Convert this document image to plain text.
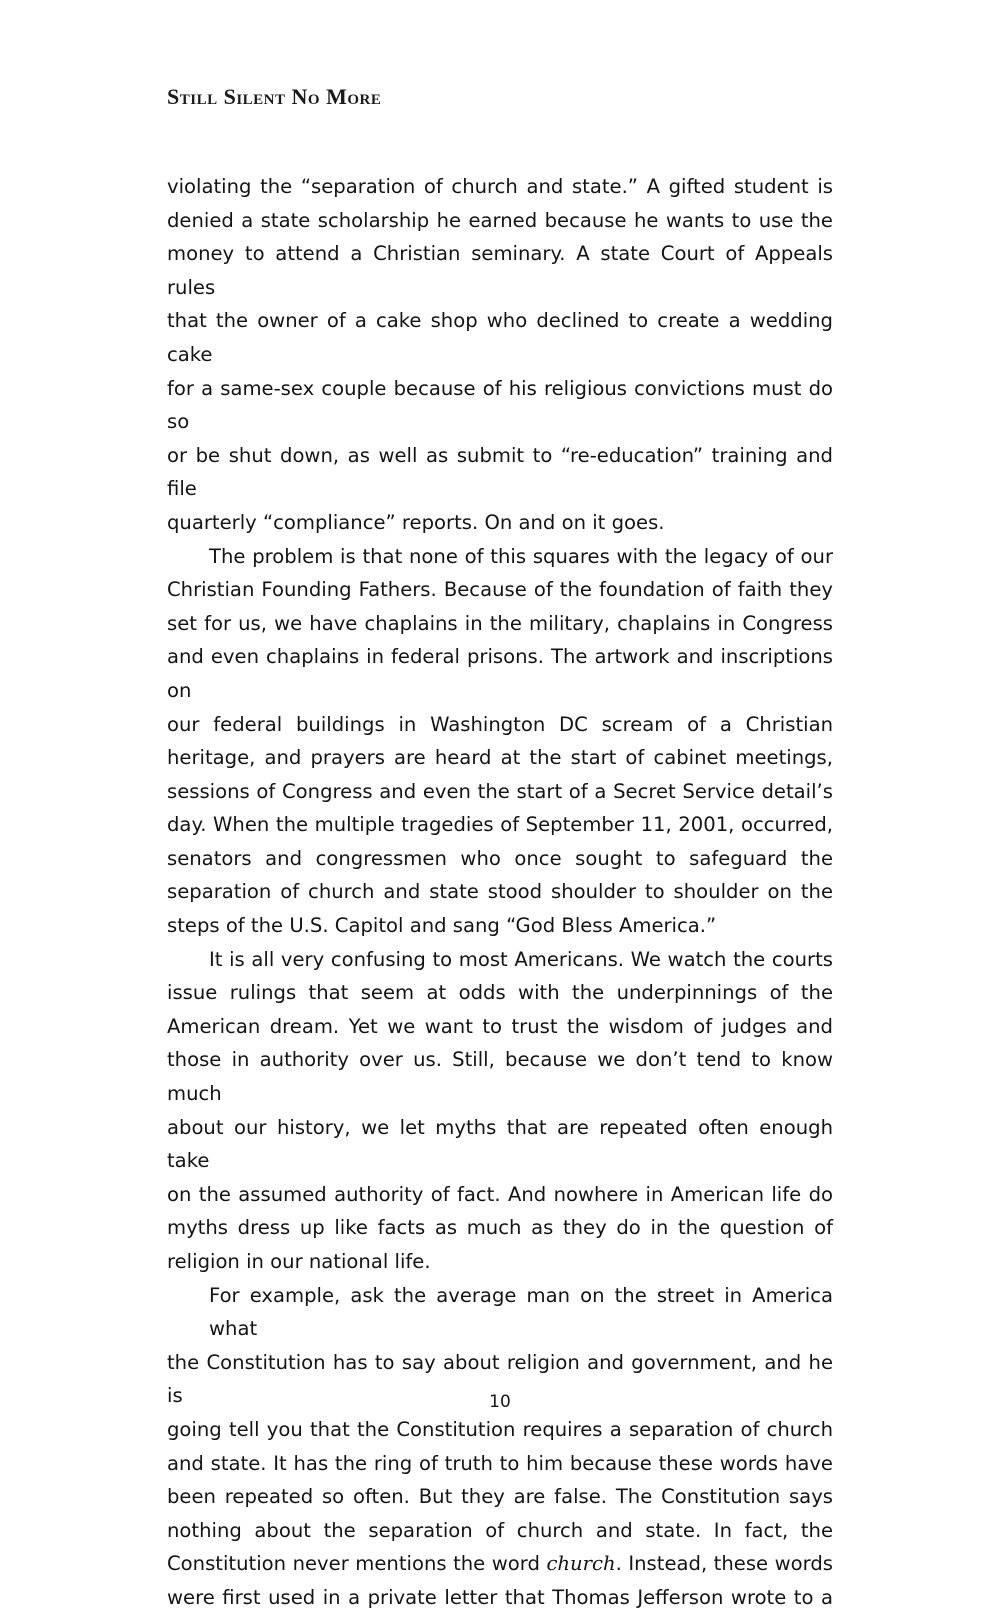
Still Silent No More

violating the “separation of church and state.” A gifted student is
denied a state scholarship he earned because he wants to use the
money to attend a Christian seminary. A state Court of Appeals rules
that the owner of a cake shop who declined to create a wedding cake
for a same-sex couple because of his religious convictions must do so
or be shut down, as well as submit to “re-education” training and file
quarterly “compliance” reports. On and on it goes.

The problem is that none of this squares with the legacy of our
Christian Founding Fathers. Because of the foundation of faith they
set for us, we have chaplains in the military, chaplains in Congress
and even chaplains in federal prisons. The artwork and inscriptions on
our federal buildings in Washington DC scream of a Christian
heritage, and prayers are heard at the start of cabinet meetings,
sessions of Congress and even the start of a Secret Service detail’s
day. When the multiple tragedies of September 11, 2001, occurred,
senators and congressmen who once sought to safeguard the
separation of church and state stood shoulder to shoulder on the
steps of the U.S. Capitol and sang “God Bless America.”

It is all very confusing to most Americans. We watch the courts
issue rulings that seem at odds with the underpinnings of the
American dream. Yet we want to trust the wisdom of judges and
those in authority over us. Still, because we don’t tend to know much
about our history, we let myths that are repeated often enough take
on the assumed authority of fact. And nowhere in American life do
myths dress up like facts as much as they do in the question of
religion in our national life.

For example, ask the average man on the street in America what
the Constitution has to say about religion and government, and he is
going tell you that the Constitution requires a separation of church
and state. It has the ring of truth to him because these words have
been repeated so often. But they are false. The Constitution says
nothing about the separation of church and state. In fact, the
Constitution never mentions the word church. Instead, these words
were first used in a private letter that Thomas Jefferson wrote to a

10
